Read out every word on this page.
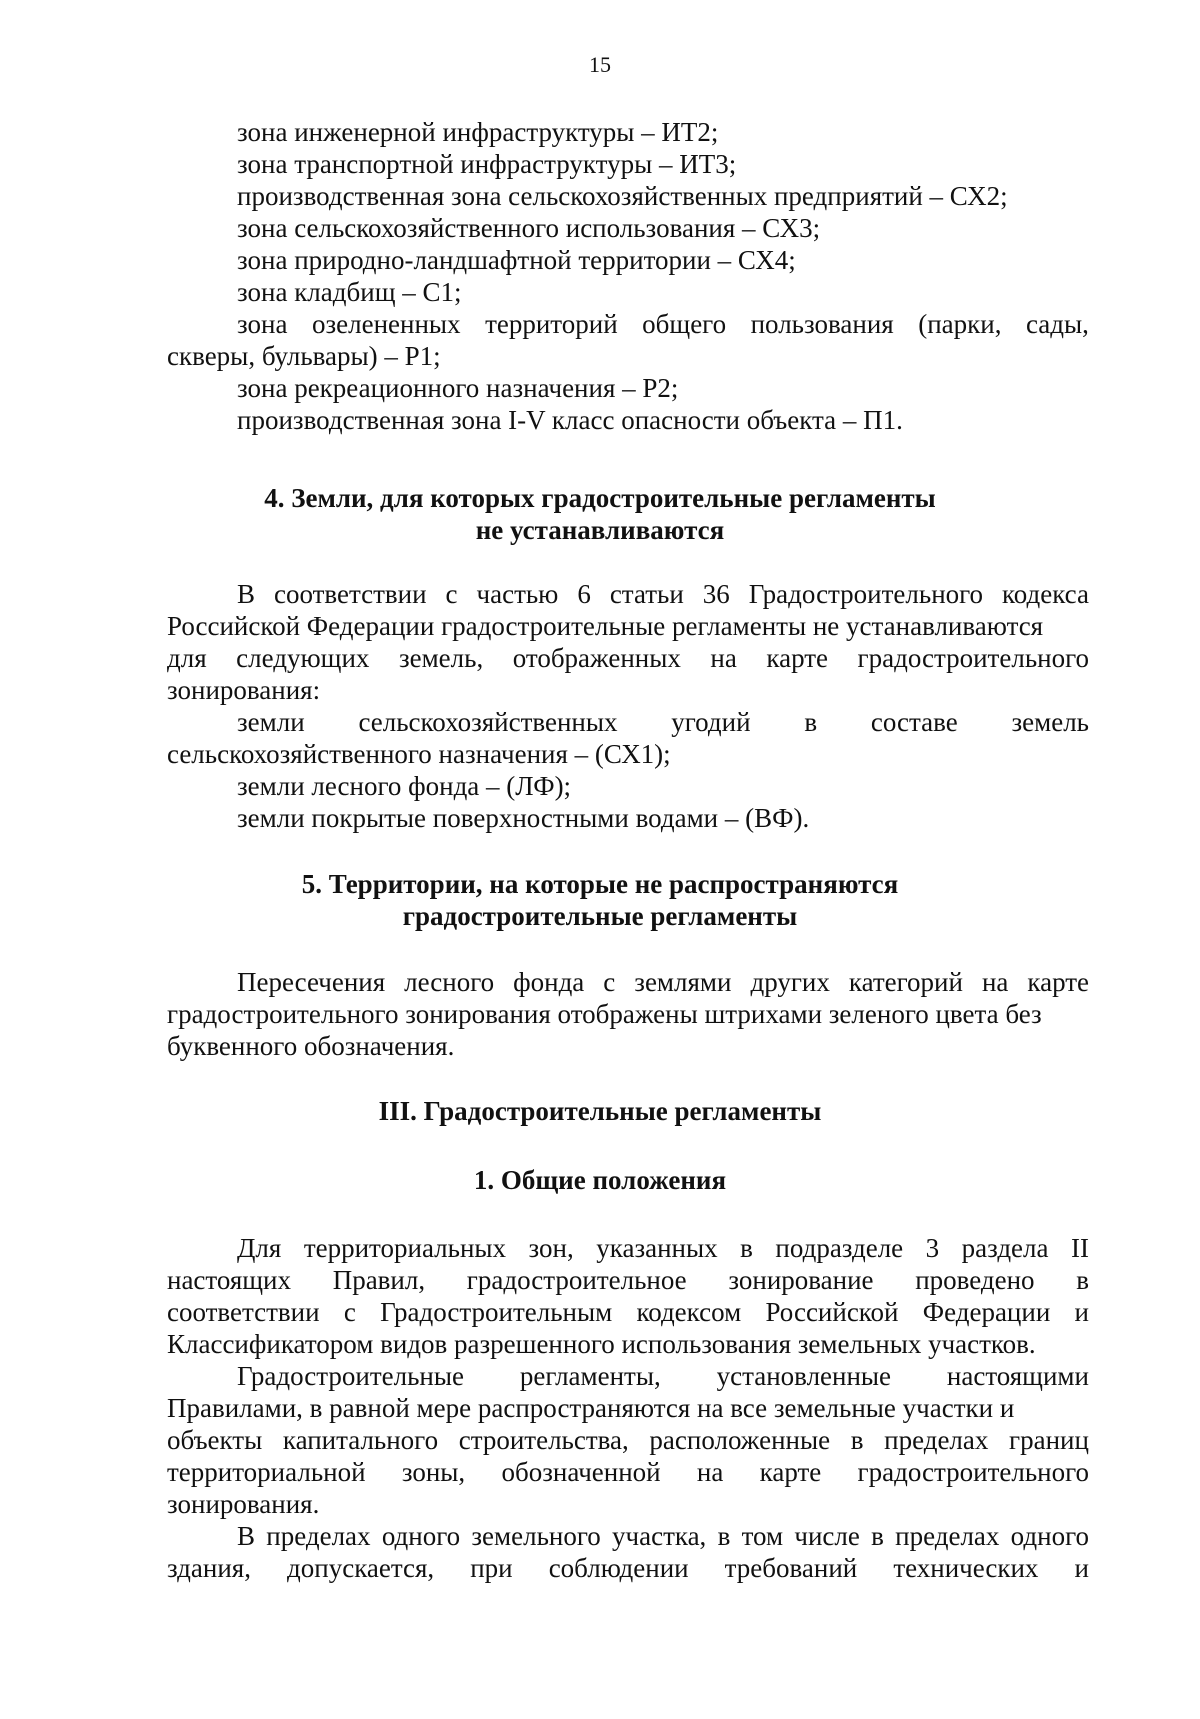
15
зона инженерной инфраструктуры – ИТ2;
зона транспортной инфраструктуры – ИТ3;
производственная зона сельскохозяйственных предприятий – СХ2;
зона сельскохозяйственного использования – СХ3;
зона природно-ландшафтной территории – СХ4;
зона кладбищ – С1;
зона озелененных территорий общего пользования (парки, сады,
скверы, бульвары) – Р1;
зона рекреационного назначения – Р2;
производственная зона I-V класс опасности объекта – П1.
4. Земли, для которых градостроительные регламенты
не устанавливаются
В соответствии с частью 6 статьи 36 Градостроительного кодекса
Российской Федерации градостроительные регламенты не устанавливаются
для следующих земель, отображенных на карте градостроительного
зонирования:
земли сельскохозяйственных угодий в составе земель
сельскохозяйственного назначения – (СХ1);
земли лесного фонда – (ЛФ);
земли покрытые поверхностными водами – (ВФ).
5. Территории, на которые не распространяются
градостроительные регламенты
Пересечения лесного фонда с землями других категорий на карте
градостроительного зонирования отображены штрихами зеленого цвета без
буквенного обозначения.
III. Градостроительные регламенты
1. Общие положения
Для территориальных зон, указанных в подразделе 3 раздела II
настоящих Правил, градостроительное зонирование проведено в
соответствии с Градостроительным кодексом Российской Федерации и
Классификатором видов разрешенного использования земельных участков.
Градостроительные регламенты, установленные настоящими
Правилами, в равной мере распространяются на все земельные участки и
объекты капитального строительства, расположенные в пределах границ
территориальной зоны, обозначенной на карте градостроительного
зонирования.
В пределах одного земельного участка, в том числе в пределах одного
здания, допускается, при соблюдении требований технических и
